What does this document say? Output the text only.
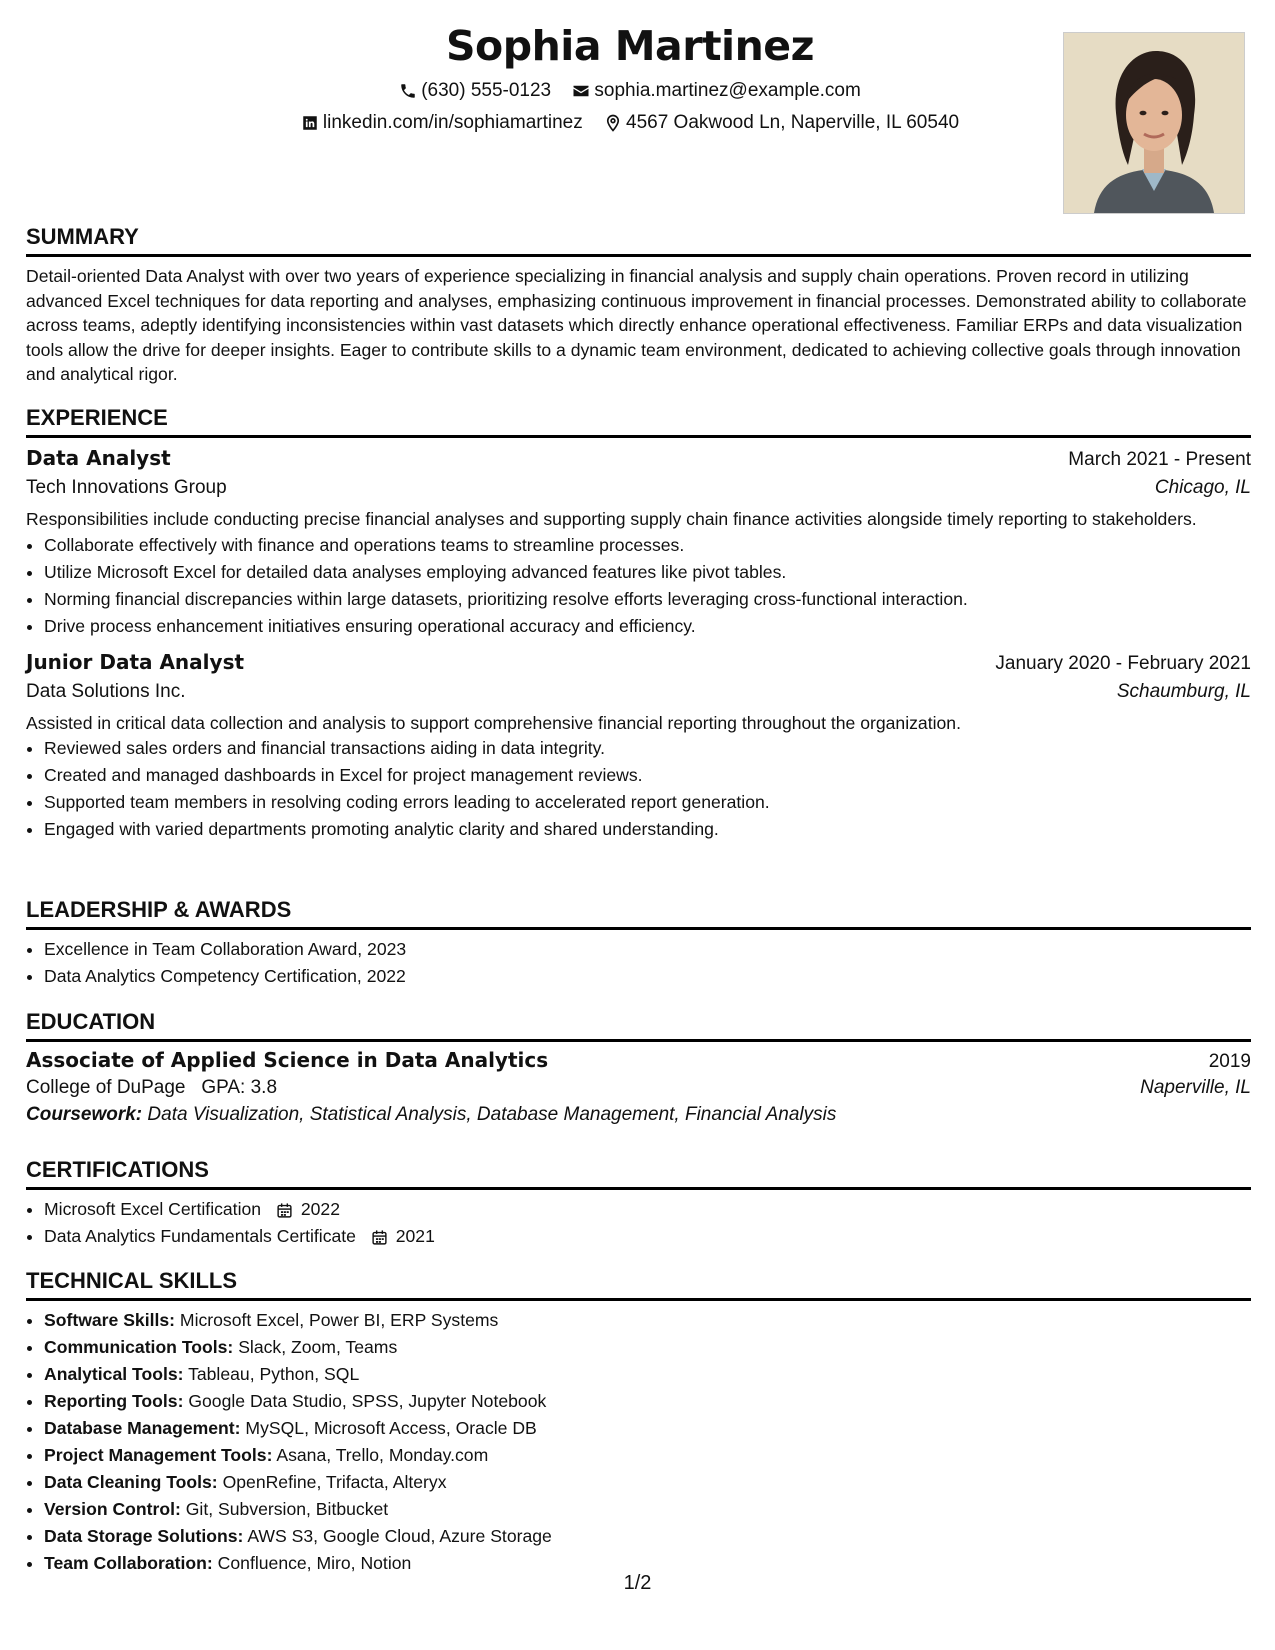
Sophia Martinez
(630) 555-0123
sophia.martinez@example.com
linkedin.com/in/sophiamartinez
4567 Oakwood Ln, Naperville, IL 60540
SUMMARY
Detail-oriented Data Analyst with over two years of experience specializing in financial analysis and supply chain operations. Proven record in utilizing advanced Excel techniques for data reporting and analyses, emphasizing continuous improvement in financial processes. Demonstrated ability to collaborate across teams, adeptly identifying inconsistencies within vast datasets which directly enhance operational effectiveness. Familiar ERPs and data visualization tools allow the drive for deeper insights. Eager to contribute skills to a dynamic team environment, dedicated to achieving collective goals through innovation and analytical rigor.
EXPERIENCE
Data Analyst	March 2021 - Present
Tech Innovations Group	Chicago, IL
Responsibilities include conducting precise financial analyses and supporting supply chain finance activities alongside timely reporting to stakeholders.
• Collaborate effectively with finance and operations teams to streamline processes.
• Utilize Microsoft Excel for detailed data analyses employing advanced features like pivot tables.
• Norming financial discrepancies within large datasets, prioritizing resolve efforts leveraging cross-functional interaction.
• Drive process enhancement initiatives ensuring operational accuracy and efficiency.
Junior Data Analyst	January 2020 - February 2021
Data Solutions Inc.	Schaumburg, IL
Assisted in critical data collection and analysis to support comprehensive financial reporting throughout the organization.
• Reviewed sales orders and financial transactions aiding in data integrity.
• Created and managed dashboards in Excel for project management reviews.
• Supported team members in resolving coding errors leading to accelerated report generation.
• Engaged with varied departments promoting analytic clarity and shared understanding.
LEADERSHIP & AWARDS
• Excellence in Team Collaboration Award, 2023
• Data Analytics Competency Certification, 2022
EDUCATION
Associate of Applied Science in Data Analytics	2019
College of DuPage GPA: 3.8	Naperville, IL
Coursework: Data Visualization, Statistical Analysis, Database Management, Financial Analysis
CERTIFICATIONS
• Microsoft Excel Certification 2022
• Data Analytics Fundamentals Certificate 2021
TECHNICAL SKILLS
• Software Skills: Microsoft Excel, Power BI, ERP Systems
• Communication Tools: Slack, Zoom, Teams
• Analytical Tools: Tableau, Python, SQL
• Reporting Tools: Google Data Studio, SPSS, Jupyter Notebook
• Database Management: MySQL, Microsoft Access, Oracle DB
• Project Management Tools: Asana, Trello, Monday.com
• Data Cleaning Tools: OpenRefine, Trifacta, Alteryx
• Version Control: Git, Subversion, Bitbucket
• Data Storage Solutions: AWS S3, Google Cloud, Azure Storage
• Team Collaboration: Confluence, Miro, Notion
1/2
